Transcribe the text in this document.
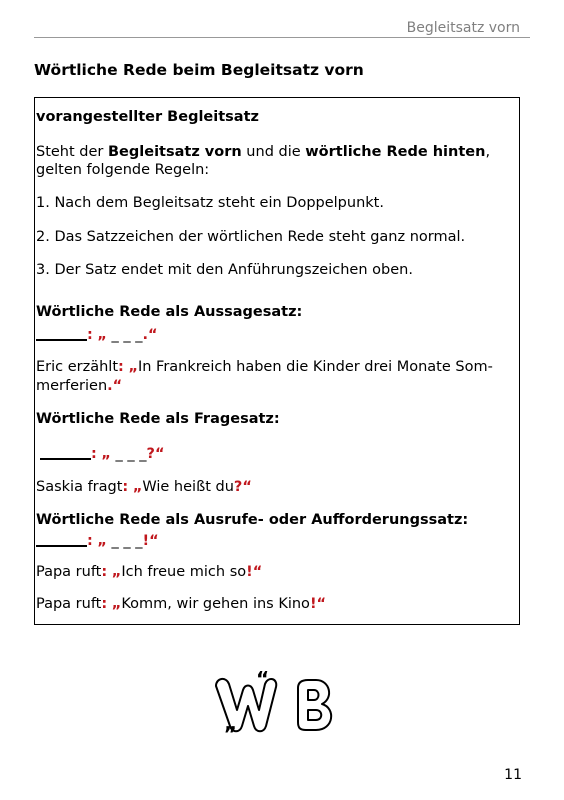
Begleitsatz vorn
Wörtliche Rede beim Begleitsatz vorn
vorangestellter Begleitsatz
Steht der Begleitsatz vorn und die wörtliche Rede hinten,
gelten folgende Regeln:
1. Nach dem Begleitsatz steht ein Doppelpunkt.
2. Das Satzzeichen der wörtlichen Rede steht ganz normal.
3. Der Satz endet mit den Anführungszeichen oben.
Wörtliche Rede als Aussagesatz:
: „ _ _ _.“
Eric erzählt: „In Frankreich haben die Kinder drei Monate Som-
merferien.“
Wörtliche Rede als Fragesatz:
: „ _ _ _?“
Saskia fragt: „Wie heißt du?“
Wörtliche Rede als Ausrufe- oder Aufforderungssatz:
: „ _ _ _!“
Papa ruft: „Ich freue mich so!“
Papa ruft: „Komm, wir gehen ins Kino!“
“
„
11
